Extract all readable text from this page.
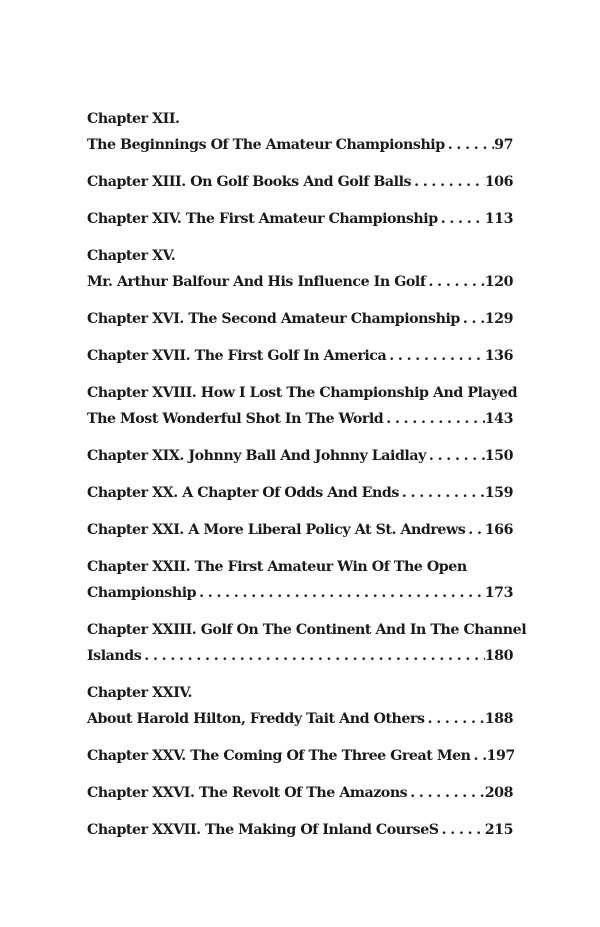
Chapter XII.
The Beginnings Of The Amateur Championship . . .	97
Chapter XIII. On Golf Books And Golf Balls . . .	106
Chapter XIV. The First Amateur Championship . . .	113
Chapter XV.
Mr. Arthur Balfour And His Influence In Golf . . .	120
Chapter XVI. The Second Amateur Championship . . . 129
Chapter XVII. The First Golf In America . . .	136
Chapter XVIII. How I Lost The Championship And Played
The Most Wonderful Shot In The World . . .	143
Chapter XIX. Johnny Ball And Johnny Laidlay . . .	150
Chapter XX. A Chapter Of Odds And Ends . . .	159
Chapter XXI. A More Liberal Policy At St. Andrews . . . 166
Chapter XXII. The First Amateur Win Of The Open
Championship . . .	173
Chapter XXIII. Golf On The Continent And In The Channel
Islands . . .	180
Chapter XXIV.
About Harold Hilton, Freddy Tait And Others . . .	188
Chapter XXV. The Coming Of The Three Great Men . . . 197
Chapter XXVI. The Revolt Of The Amazons . . .	208
Chapter XXVII. The Making Of Inland CourseS . . .	215
